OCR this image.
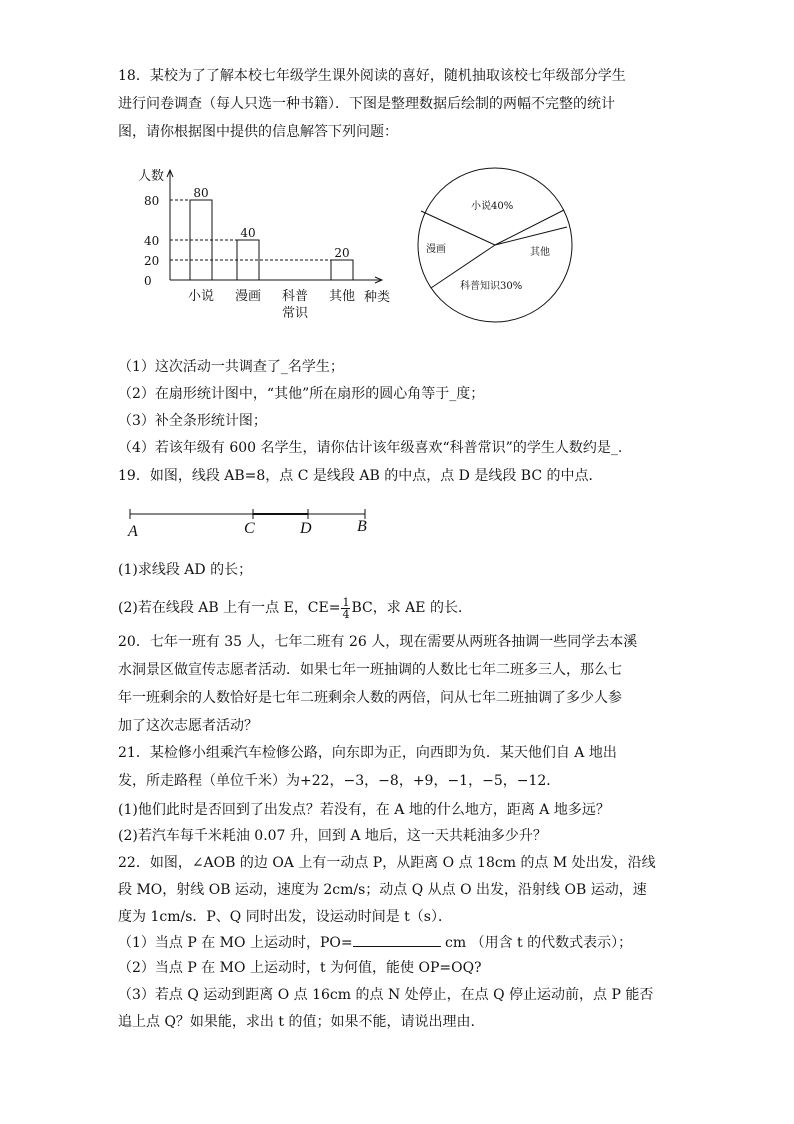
18．某校为了了解本校七年级学生课外阅读的喜好，随机抽取该校七年级部分学生
进行问卷调查（每人只选一种书籍）．下图是整理数据后绘制的两幅不完整的统计
图，请你根据图中提供的信息解答下列问题：
人数
种类
0
20
40
80
80
小说
40
漫画 科普
常识
20
其他
小说40%
漫画	其他
科普知识30%
（1）这次活动一共调查了_名学生；
（2）在扇形统计图中，“其他”所在扇形的圆心角等于_度；
（3）补全条形统计图；
（4）若该年级有 600 名学生，请你估计该年级喜欢“科普常识”的学生人数约是_.
19．如图，线段 AB=8，点 C 是线段 AB 的中点，点 D 是线段 BC 的中点．
A	C	D	B
(1)求线段 AD 的长；
(2)若在线段 AB 上有一点 E，$CE= \frac{1}{4}$ BC，求 AE 的长．
20．七年一班有 35 人，七年二班有 26 人，现在需要从两班各抽调一些同学去本溪
水洞景区做宣传志愿者活动．如果七年一班抽调的人数比七年二班多三人，那么七
年一班剩余的人数恰好是七年二班剩余人数的两倍，问从七年二班抽调了多少人参
加了这次志愿者活动？
21．某检修小组乘汽车检修公路，向东即为正，向西即为负．某天他们自 A 地出
发，所走路程（单位千米）为+22，−3，−8，+9，−1，−5，−12．
(1)他们此时是否回到了出发点？若没有，在 A 地的什么地方，距离 A 地多远？
(2)若汽车每千米耗油 0.07 升，回到 A 地后，这一天共耗油多少升？
22．如图，∠AOB 的边 OA 上有一动点 P，从距离 O 点 18cm 的点 M 处出发，沿线
段 MO，射线 OB 运动，速度为 2cm/s；动点 Q 从点 O 出发，沿射线 OB 运动，速
度为 1cm/s．P、Q 同时出发，设运动时间是 t（s）．
（1）当点 P 在 MO 上运动时，PO=	cm （用含 t 的代数式表示）；
（2）当点 P 在 MO 上运动时，t 为何值，能使 OP=OQ?
（3）若点 Q 运动到距离 O 点 16cm 的点 N 处停止，在点 Q 停止运动前，点 P 能否
追上点 Q？如果能，求出 t 的值；如果不能，请说出理由.
